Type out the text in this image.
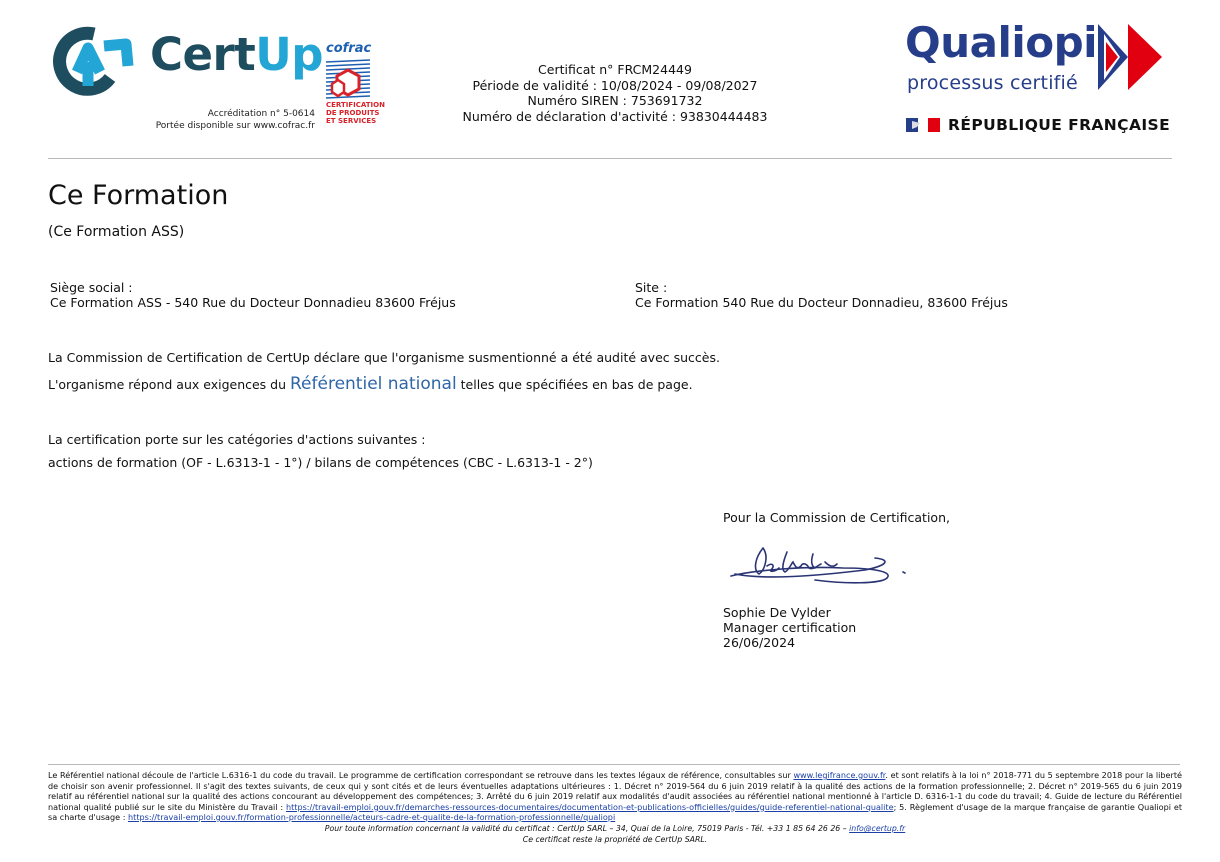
CertUp
Accréditation n° 5-0614
Portée disponible sur www.cofrac.fr
cofrac
CERTIFICATION
DE PRODUITS
ET SERVICES
Certificat n° FRCM24449
Période de validité : 10/08/2024 - 09/08/2027
Numéro SIREN : 753691732
Numéro de déclaration d'activité : 93830444483
Qualiopi
processus certifié
RÉPUBLIQUE FRANÇAISE
Ce Formation
(Ce Formation ASS)
Siège social :
Ce Formation ASS - 540 Rue du Docteur Donnadieu 83600 Fréjus
Site :
Ce Formation 540 Rue du Docteur Donnadieu, 83600 Fréjus
La Commission de Certification de CertUp déclare que l'organisme susmentionné a été audité avec succès.
L'organisme répond aux exigences du Référentiel national telles que spécifiées en bas de page.
La certification porte sur les catégories d'actions suivantes :
actions de formation (OF - L.6313-1 - 1°) / bilans de compétences (CBC - L.6313-1 - 2°)
Pour la Commission de Certification,
Sophie De Vylder
Manager certification
26/06/2024
Le Référentiel national découle de l'article L.6316-1 du code du travail. Le programme de certification correspondant se retrouve dans les textes légaux de référence, consultables sur www.legifrance.gouv.fr. et sont relatifs à la loi n° 2018-771 du 5 septembre 2018 pour la liberté de choisir son avenir professionnel. Il s'agit des textes suivants, de ceux qui y sont cités et de leurs éventuelles adaptations ultérieures : 1. Décret n° 2019-564 du 6 juin 2019 relatif à la qualité des actions de la formation professionnelle; 2. Décret n° 2019-565 du 6 juin 2019 relatif au référentiel national sur la qualité des actions concourant au développement des compétences; 3. Arrêté du 6 juin 2019 relatif aux modalités d'audit associées au référentiel national mentionné à l'article D. 6316-1-1 du code du travail; 4. Guide de lecture du Référentiel national qualité publié sur le site du Ministère du Travail : https://travail-emploi.gouv.fr/demarches-ressources-documentaires/documentation-et-publications-officielles/guides/guide-referentiel-national-qualite; 5. Règlement d'usage de la marque française de garantie Qualiopi et sa charte d'usage : https://travail-emploi.gouv.fr/formation-professionnelle/acteurs-cadre-et-qualite-de-la-formation-professionnelle/qualiopi
Pour toute information concernant la validité du certificat : CertUp SARL – 34, Quai de la Loire, 75019 Paris - Tél. +33 1 85 64 26 26 – info@certup.fr
Ce certificat reste la propriété de CertUp SARL.
